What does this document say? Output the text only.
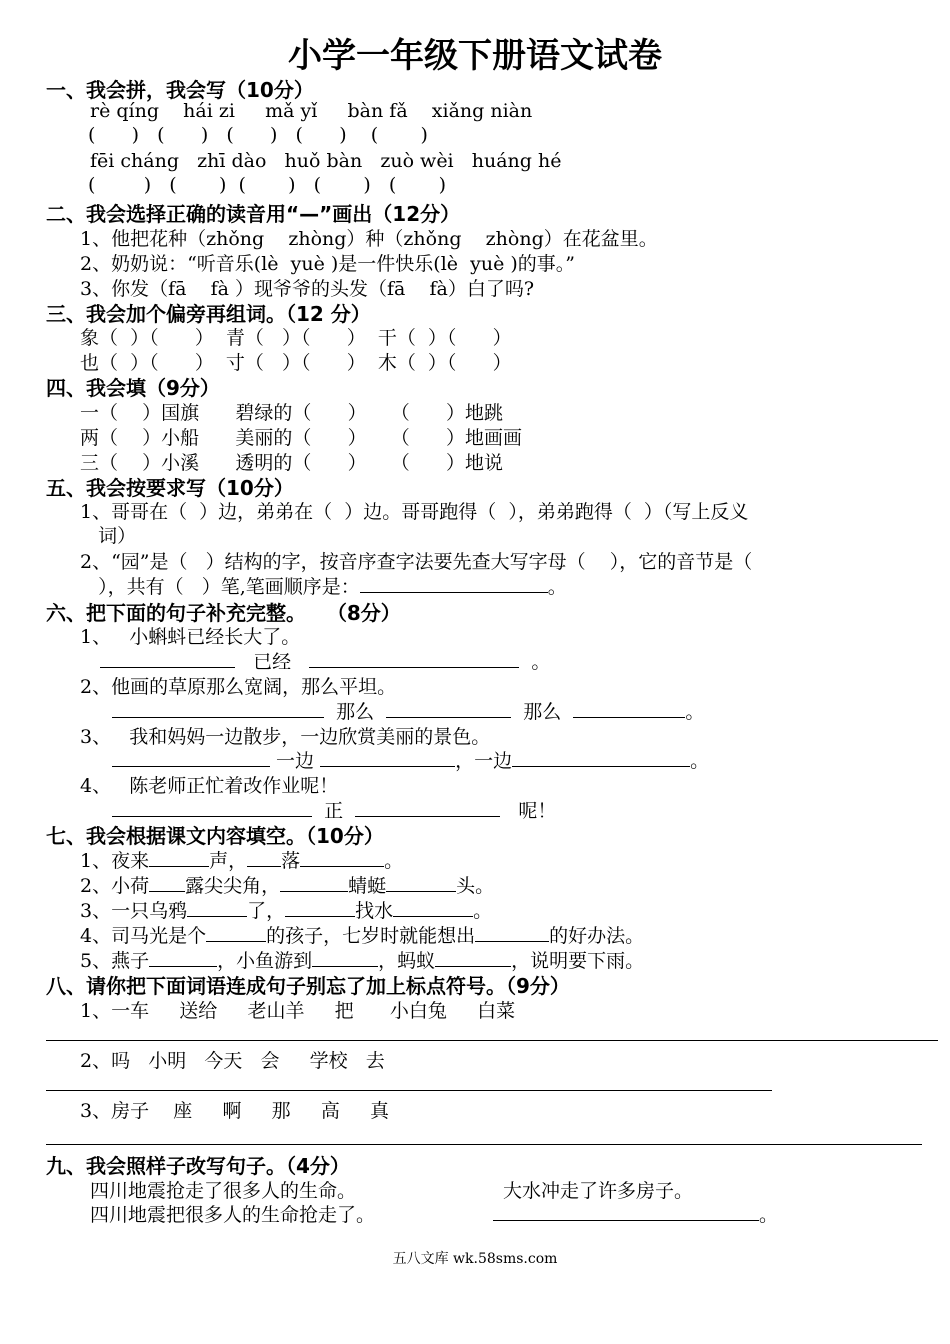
小学一年级下册语文试卷
一、我会拼，我会写（10分）
rè qíng    hái zi     mǎ yǐ     bàn fǎ    xiǎng niàn
(      )   (      )   (      )   (      )    (       )
fēi cháng   zhī dào   huǒ bàn   zuò wèi   huáng hé
(        )   (       )  (       )   (       )   (       )
二、我会选择正确的读音用“—”画出（12分）
1、他把花种（zhǒng    zhòng）种（zhǒng    zhòng）在花盆里。
2、奶奶说：“听音乐(lè  yuè )是一件快乐(lè  yuè )的事。”
3、你发（fā    fà ）现爷爷的头发（fā    fà）白了吗?
三、我会加个偏旁再组词。（12 分）
象（  ）（      ）  青（   ）（      ）  干（  ）（      ）
也（  ）（      ）  寸（   ）（      ）  木（  ）（      ）
四、我会填（9分）
一（    ）国旗      碧绿的（      ）    （      ）地跳
两（    ）小船      美丽的（      ）    （      ）地画画
三（    ）小溪      透明的（      ）    （      ）地说
五、我会按要求写（10分）
1、哥哥在（  ）边，弟弟在（  ）边。哥哥跑得（  ），弟弟跑得（  ）（写上反义
词）
2、“园”是（   ）结构的字，按音序查字法要先查大写字母（    ），它的音节是（
），共有（   ）笔,笔画顺序是：	。
六、把下面的句子补充完整。   （8分）
1、   小蝌蚪已经长大了。
已经	。
2、他画的草原那么宽阔，那么平坦。
那么	那么	。
3、   我和妈妈一边散步，一边欣赏美丽的景色。
一边	，一边	。
4、   陈老师正忙着改作业呢！
正	呢！
七、我会根据课文内容填空。（10分）
1、夜来	声， 落	。
2、小荷 露尖尖角，	蜻蜓	头。
3、一只乌鸦	了，	找水	。
4、司马光是个	的孩子，七岁时就能想出	的好办法。
5、燕子	，小鱼游到	，蚂蚁	，说明要下雨。
八、请你把下面词语连成句子别忘了加上标点符号。（9分）
1、一车     送给     老山羊     把      小白兔     白菜
2、吗   小明   今天   会     学校   去
3、房子    座     啊     那     高     真
九、我会照样子改写句子。（4分）
四川地震抢走了很多人的生命。	大水冲走了许多房子。
四川地震把很多人的生命抢走了。	。
五八文库 wk.58sms.com
